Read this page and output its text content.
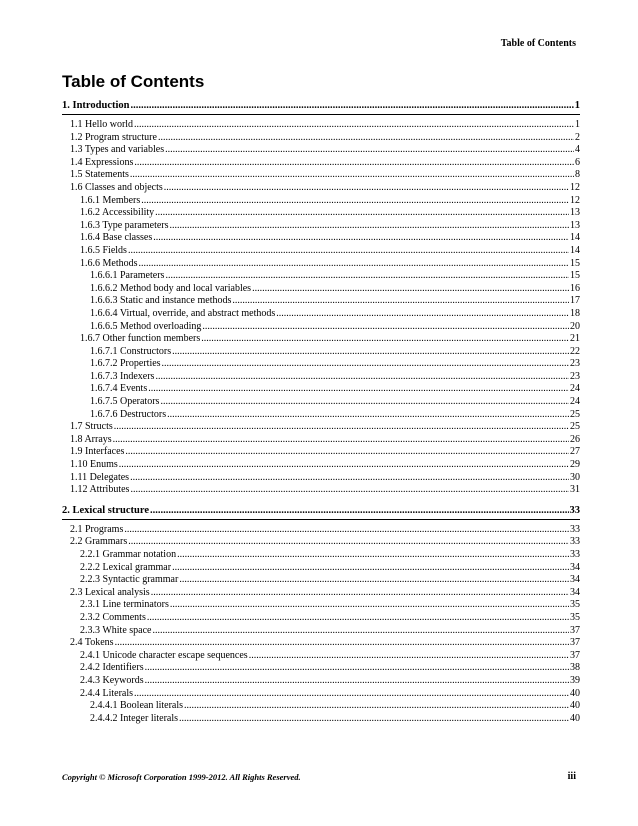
Table of Contents
Table of Contents
1. Introduction .....	1
1.1 Hello world .....	1
1.2 Program structure .....	2
1.3 Types and variables .....	4
1.4 Expressions .....	6
1.5 Statements .....	8
1.6 Classes and objects .....	12
1.6.1 Members .....	12
1.6.2 Accessibility .....	13
1.6.3 Type parameters .....	13
1.6.4 Base classes .....	14
1.6.5 Fields .....	14
1.6.6 Methods .....	15
1.6.6.1 Parameters .....	15
1.6.6.2 Method body and local variables .....	16
1.6.6.3 Static and instance methods .....	17
1.6.6.4 Virtual, override, and abstract methods .....	18
1.6.6.5 Method overloading .....	20
1.6.7 Other function members .....	21
1.6.7.1 Constructors .....	22
1.6.7.2 Properties .....	23
1.6.7.3 Indexers .....	23
1.6.7.4 Events .....	24
1.6.7.5 Operators .....	24
1.6.7.6 Destructors .....	25
1.7 Structs .....	25
1.8 Arrays .....	26
1.9 Interfaces .....	27
1.10 Enums .....	29
1.11 Delegates .....	30
1.12 Attributes .....	31
2. Lexical structure .....	33
2.1 Programs .....	33
2.2 Grammars .....	33
2.2.1 Grammar notation .....	33
2.2.2 Lexical grammar .....	34
2.2.3 Syntactic grammar .....	34
2.3 Lexical analysis .....	34
2.3.1 Line terminators .....	35
2.3.2 Comments .....	35
2.3.3 White space .....	37
2.4 Tokens .....	37
2.4.1 Unicode character escape sequences .....	37
2.4.2 Identifiers .....	38
2.4.3 Keywords .....	39
2.4.4 Literals .....	40
2.4.4.1 Boolean literals .....	40
2.4.4.2 Integer literals .....	40
Copyright © Microsoft Corporation 1999-2012. All Rights Reserved.	iii
